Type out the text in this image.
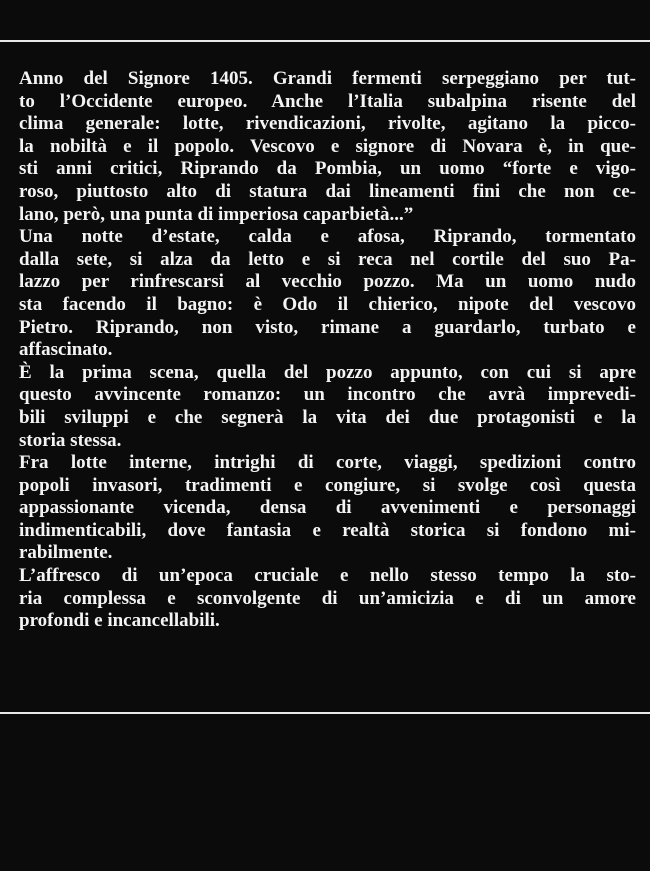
Anno del Signore 1405. Grandi fermenti serpeggiano per tut-
to l’Occidente europeo. Anche l’Italia subalpina risente del
clima generale: lotte, rivendicazioni, rivolte, agitano la picco-
la nobiltà e il popolo. Vescovo e signore di Novara è, in que-
sti anni critici, Riprando da Pombia, un uomo “forte e vigo-
roso, piuttosto alto di statura dai lineamenti fini che non ce-
lano, però, una punta di imperiosa caparbietà...”
Una notte d’estate, calda e afosa, Riprando, tormentato
dalla sete, si alza da letto e si reca nel cortile del suo Pa-
lazzo per rinfrescarsi al vecchio pozzo. Ma un uomo nudo
sta facendo il bagno: è Odo il chierico, nipote del vescovo
Pietro. Riprando, non visto, rimane a guardarlo, turbato e
affascinato.
È la prima scena, quella del pozzo appunto, con cui si apre
questo avvincente romanzo: un incontro che avrà imprevedi-
bili sviluppi e che segnerà la vita dei due protagonisti e la
storia stessa.
Fra lotte interne, intrighi di corte, viaggi, spedizioni contro
popoli invasori, tradimenti e congiure, si svolge così questa
appassionante vicenda, densa di avvenimenti e personaggi
indimenticabili, dove fantasia e realtà storica si fondono mi-
rabilmente.
L’affresco di un’epoca cruciale e nello stesso tempo la sto-
ria complessa e sconvolgente di un’amicizia e di un amore
profondi e incancellabili.
